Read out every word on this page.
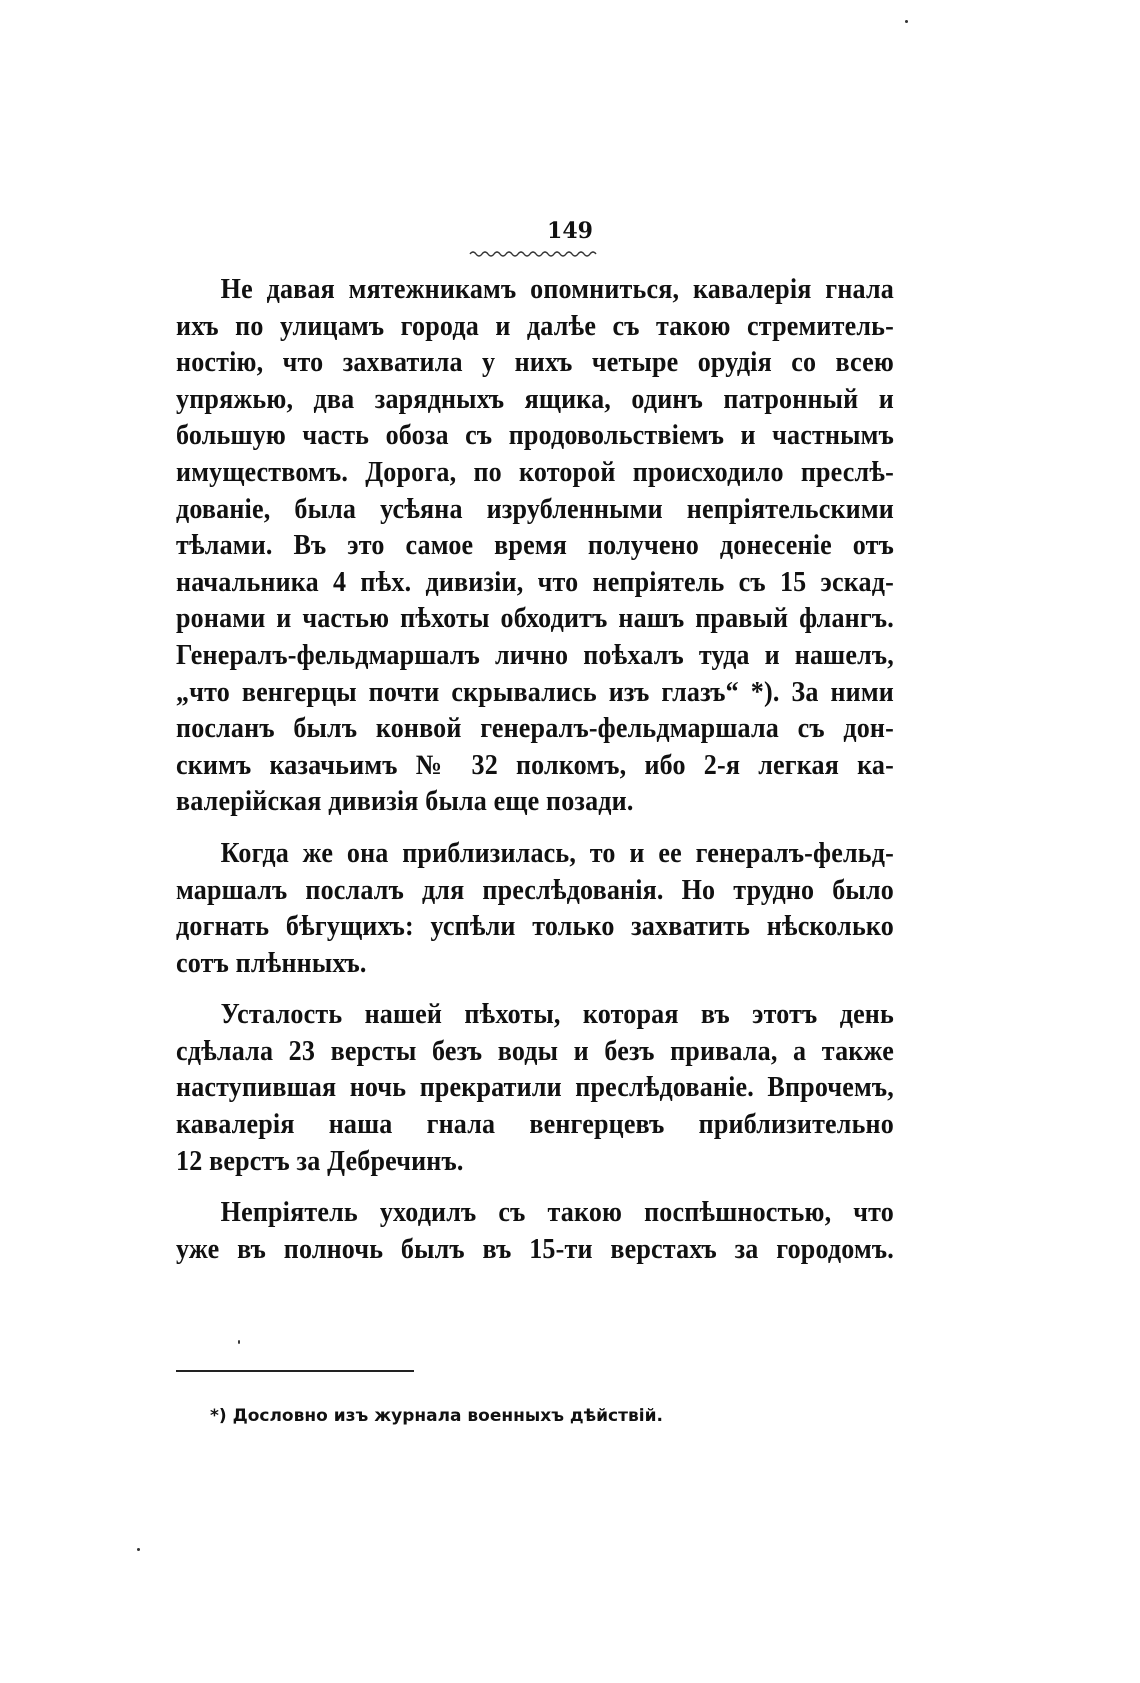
149
Не давая мятежникамъ опомниться, кавалерія гнала
ихъ по улицамъ города и далѣе съ такою стремитель-
ностію, что захватила у нихъ четыре орудія со всею
упряжью, два зарядныхъ ящика, одинъ патронный и
большую часть обоза съ продовольствіемъ и частнымъ
имуществомъ. Дорога, по которой происходило преслѣ-
дованіе, была усѣяна изрубленными непріятельскими
тѣлами. Въ это самое время получено донесеніе отъ
начальника 4 пѣх. дивизіи, что непріятель съ 15 эскад-
ронами и частью пѣхоты обходитъ нашъ правый флангъ.
Генералъ-фельдмаршалъ лично поѣхалъ туда и нашелъ,
„что венгерцы почти скрывались изъ глазъ“ *). За ними
посланъ былъ конвой генералъ-фельдмаршала съ дон-
скимъ казачьимъ № 32 полкомъ, ибо 2-я легкая ка-
валерійская дивизія была еще позади.
Когда же она приблизилась, то и ее генералъ-фельд-
маршалъ послалъ для преслѣдованія. Но трудно было
догнать бѣгущихъ: успѣли только захватить нѣсколько
сотъ плѣнныхъ.
Усталость нашей пѣхоты, которая въ этотъ день
сдѣлала 23 версты безъ воды и безъ привала, а также
наступившая ночь прекратили преслѣдованіе. Впрочемъ,
кавалерія наша гнала венгерцевъ приблизительно
12 верстъ за Дебречинъ.
Непріятель уходилъ съ такою поспѣшностью, что
уже въ полночь былъ въ 15-ти верстахъ за городомъ.
*) Дословно изъ журнала военныхъ дѣйствій.
